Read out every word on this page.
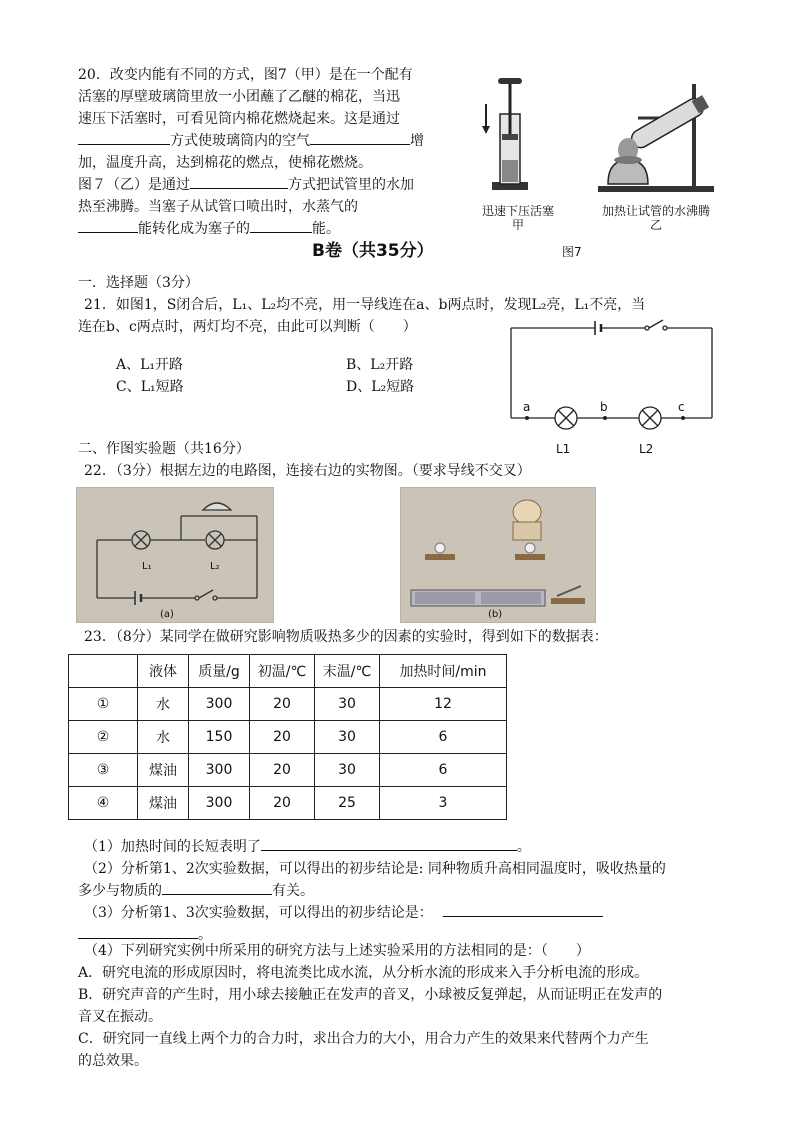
20．改变内能有不同的方式，图7（甲）是在一个配有
活塞的厚壁玻璃筒里放一小团蘸了乙醚的棉花，当迅
速压下活塞时，可看见筒内棉花燃烧起来。这是通过
方式使玻璃筒内的空气	增
加，温度升高，达到棉花的燃点，使棉花燃烧。
图７（乙）是通过	方式把试管里的水加
热至沸腾。当塞子从试管口喷出时，水蒸气的
能转化成为塞子的	能。
迅速下压活塞
甲
加热让试管的水沸腾
乙
图7
B卷（共35分）
一．选择题（3分）
21．如图1，S闭合后，L₁、L₂均不亮，用一导线连在a、b两点时，发现L₂亮，L₁不亮，当
连在b、c两点时，两灯均不亮，由此可以判断（　　）
A、L₁开路	B、L₂开路
C、L₁短路	D、L₂短路
a	b	c
L1	L2
二、作图实验题（共16分）
22．（3分）根据左边的电路图，连接右边的实物图。（要求导线不交叉）
L₁	L₂
(a)	(b)
23．（8分）某同学在做研究影响物质吸热多少的因素的实验时，得到如下的数据表：
	液体	质量/g	初温/℃	末温/℃	加热时间/min
①	水	300	20	30	12
②	水	150	20	30	6
③	煤油	300	20	30	6
④	煤油	300	20	25	3
（1）加热时间的长短表明了	。
（2）分析第1、2次实验数据，可以得出的初步结论是: 同种物质升高相同温度时，吸收热量的
多少与物质的	有关。
（3）分析第1、3次实验数据，可以得出的初步结论是：
。
（4）下列研究实例中所采用的研究方法与上述实验采用的方法相同的是：（　　）
A．研究电流的形成原因时，将电流类比成水流，从分析水流的形成来入手分析电流的形成。
B．研究声音的产生时，用小球去接触正在发声的音叉，小球被反复弹起，从而证明正在发声的
音叉在振动。
C．研究同一直线上两个力的合力时，求出合力的大小，用合力产生的效果来代替两个力产生
的总效果。
